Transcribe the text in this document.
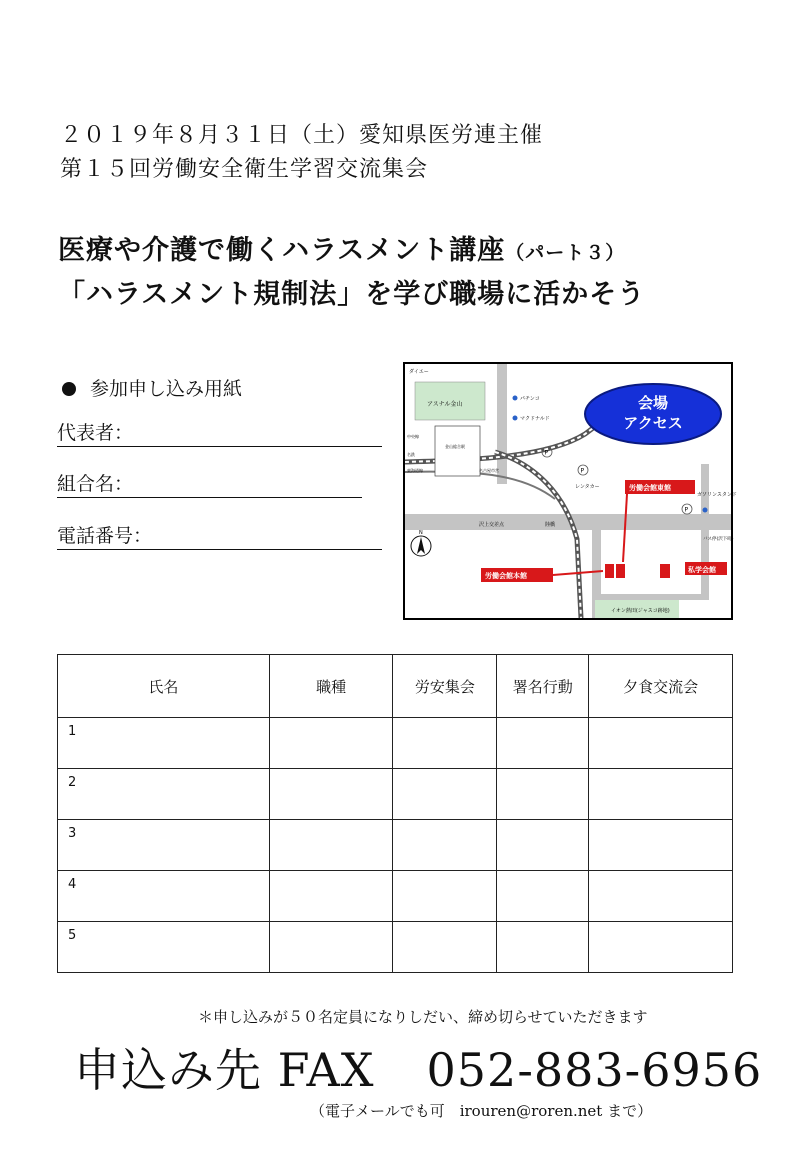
２０１９年８月３１日（土）愛知県医労連主催
第１５回労働安全衛生学習交流集会
医療や介護で働くハラスメント講座（パート３）
「ハラスメント規制法」を学び職場に活かそう
参加申し込み用紙
代表者：
組合名：
電話番号：
アスナル金山
ダイエー
金山総合駅
中央線
名鉄
東海道線	名古屋市営
パチンコ
マクドナルド
P
P
P
レンタカー
沢上交差点	陸橋
ガソリンスタンド
バス停(沢下町)
イオン熱田(ジャスコ跡地)
労働会館東館
労働会館本館
私学会館
会場
アクセス
N
氏名	職種	労安集会	署名行動	夕食交流会
1				
2				
3				
4				
5				
＊申し込みが５０名定員になりしだい、締め切らせていただきます
申込み先 FAX 052-883-6956
（電子メールでも可　irouren@roren.net まで）
